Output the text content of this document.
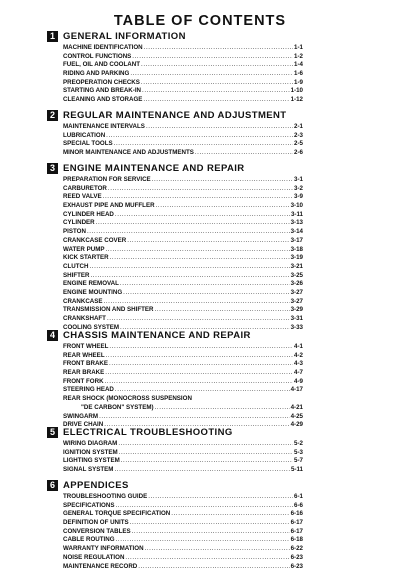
TABLE OF CONTENTS
1 GENERAL INFORMATION
MACHINE IDENTIFICATION .....	1-1
CONTROL FUNCTIONS .....	1-2
FUEL, OIL AND COOLANT .....	1-4
RIDING AND PARKING .....	1-6
PREOPERATION CHECKS .....	1-9
STARTING AND BREAK-IN .....	1-10
CLEANING AND STORAGE .....	1-12
2 REGULAR MAINTENANCE AND ADJUSTMENT
MAINTENANCE INTERVALS .....	2-1
LUBRICATION .....	2-3
SPECIAL TOOLS .....	2-5
MINOR MAINTENANCE AND ADJUSTMENTS .....	2-6
3 ENGINE MAINTENANCE AND REPAIR
PREPARATION FOR SERVICE .....	3-1
CARBURETOR .....	3-2
REED VALVE .....	3-9
EXHAUST PIPE AND MUFFLER .....	3-10
CYLINDER HEAD .....	3-11
CYLINDER .....	3-13
PISTON .....	3-14
CRANKCASE COVER .....	3-17
WATER PUMP .....	3-18
KICK STARTER .....	3-19
CLUTCH .....	3-21
SHIFTER .....	3-25
ENGINE REMOVAL .....	3-26
ENGINE MOUNTING .....	3-27
CRANKCASE .....	3-27
TRANSMISSION AND SHIFTER .....	3-29
CRANKSHAFT .....	3-31
COOLING SYSTEM .....	3-33
4 CHASSIS MAINTENANCE AND REPAIR
FRONT WHEEL .....	4-1
REAR WHEEL .....	4-2
FRONT BRAKE .....	4-3
REAR BRAKE .....	4-7
FRONT FORK .....	4-9
STEERING HEAD .....	4-17
REAR SHOCK (MONOCROSS SUSPENSION
"DE CARBON" SYSTEM) .....	4-21
SWINGARM .....	4-25
DRIVE CHAIN .....	4-29
5 ELECTRICAL TROUBLESHOOTING
WIRING DIAGRAM .....	5-2
IGNITION SYSTEM .....	5-3
LIGHTING SYSTEM .....	5-7
SIGNAL SYSTEM .....	5-11
6 APPENDICES
TROUBLESHOOTING GUIDE .....	6-1
SPECIFICATIONS .....	6-6
GENERAL TORQUE SPECIFICATION .....	6-16
DEFINITION OF UNITS .....	6-17
CONVERSION TABLES .....	6-17
CABLE ROUTING .....	6-18
WARRANTY INFORMATION .....	6-22
NOISE REGULATION .....	6-23
MAINTENANCE RECORD .....	6-23
